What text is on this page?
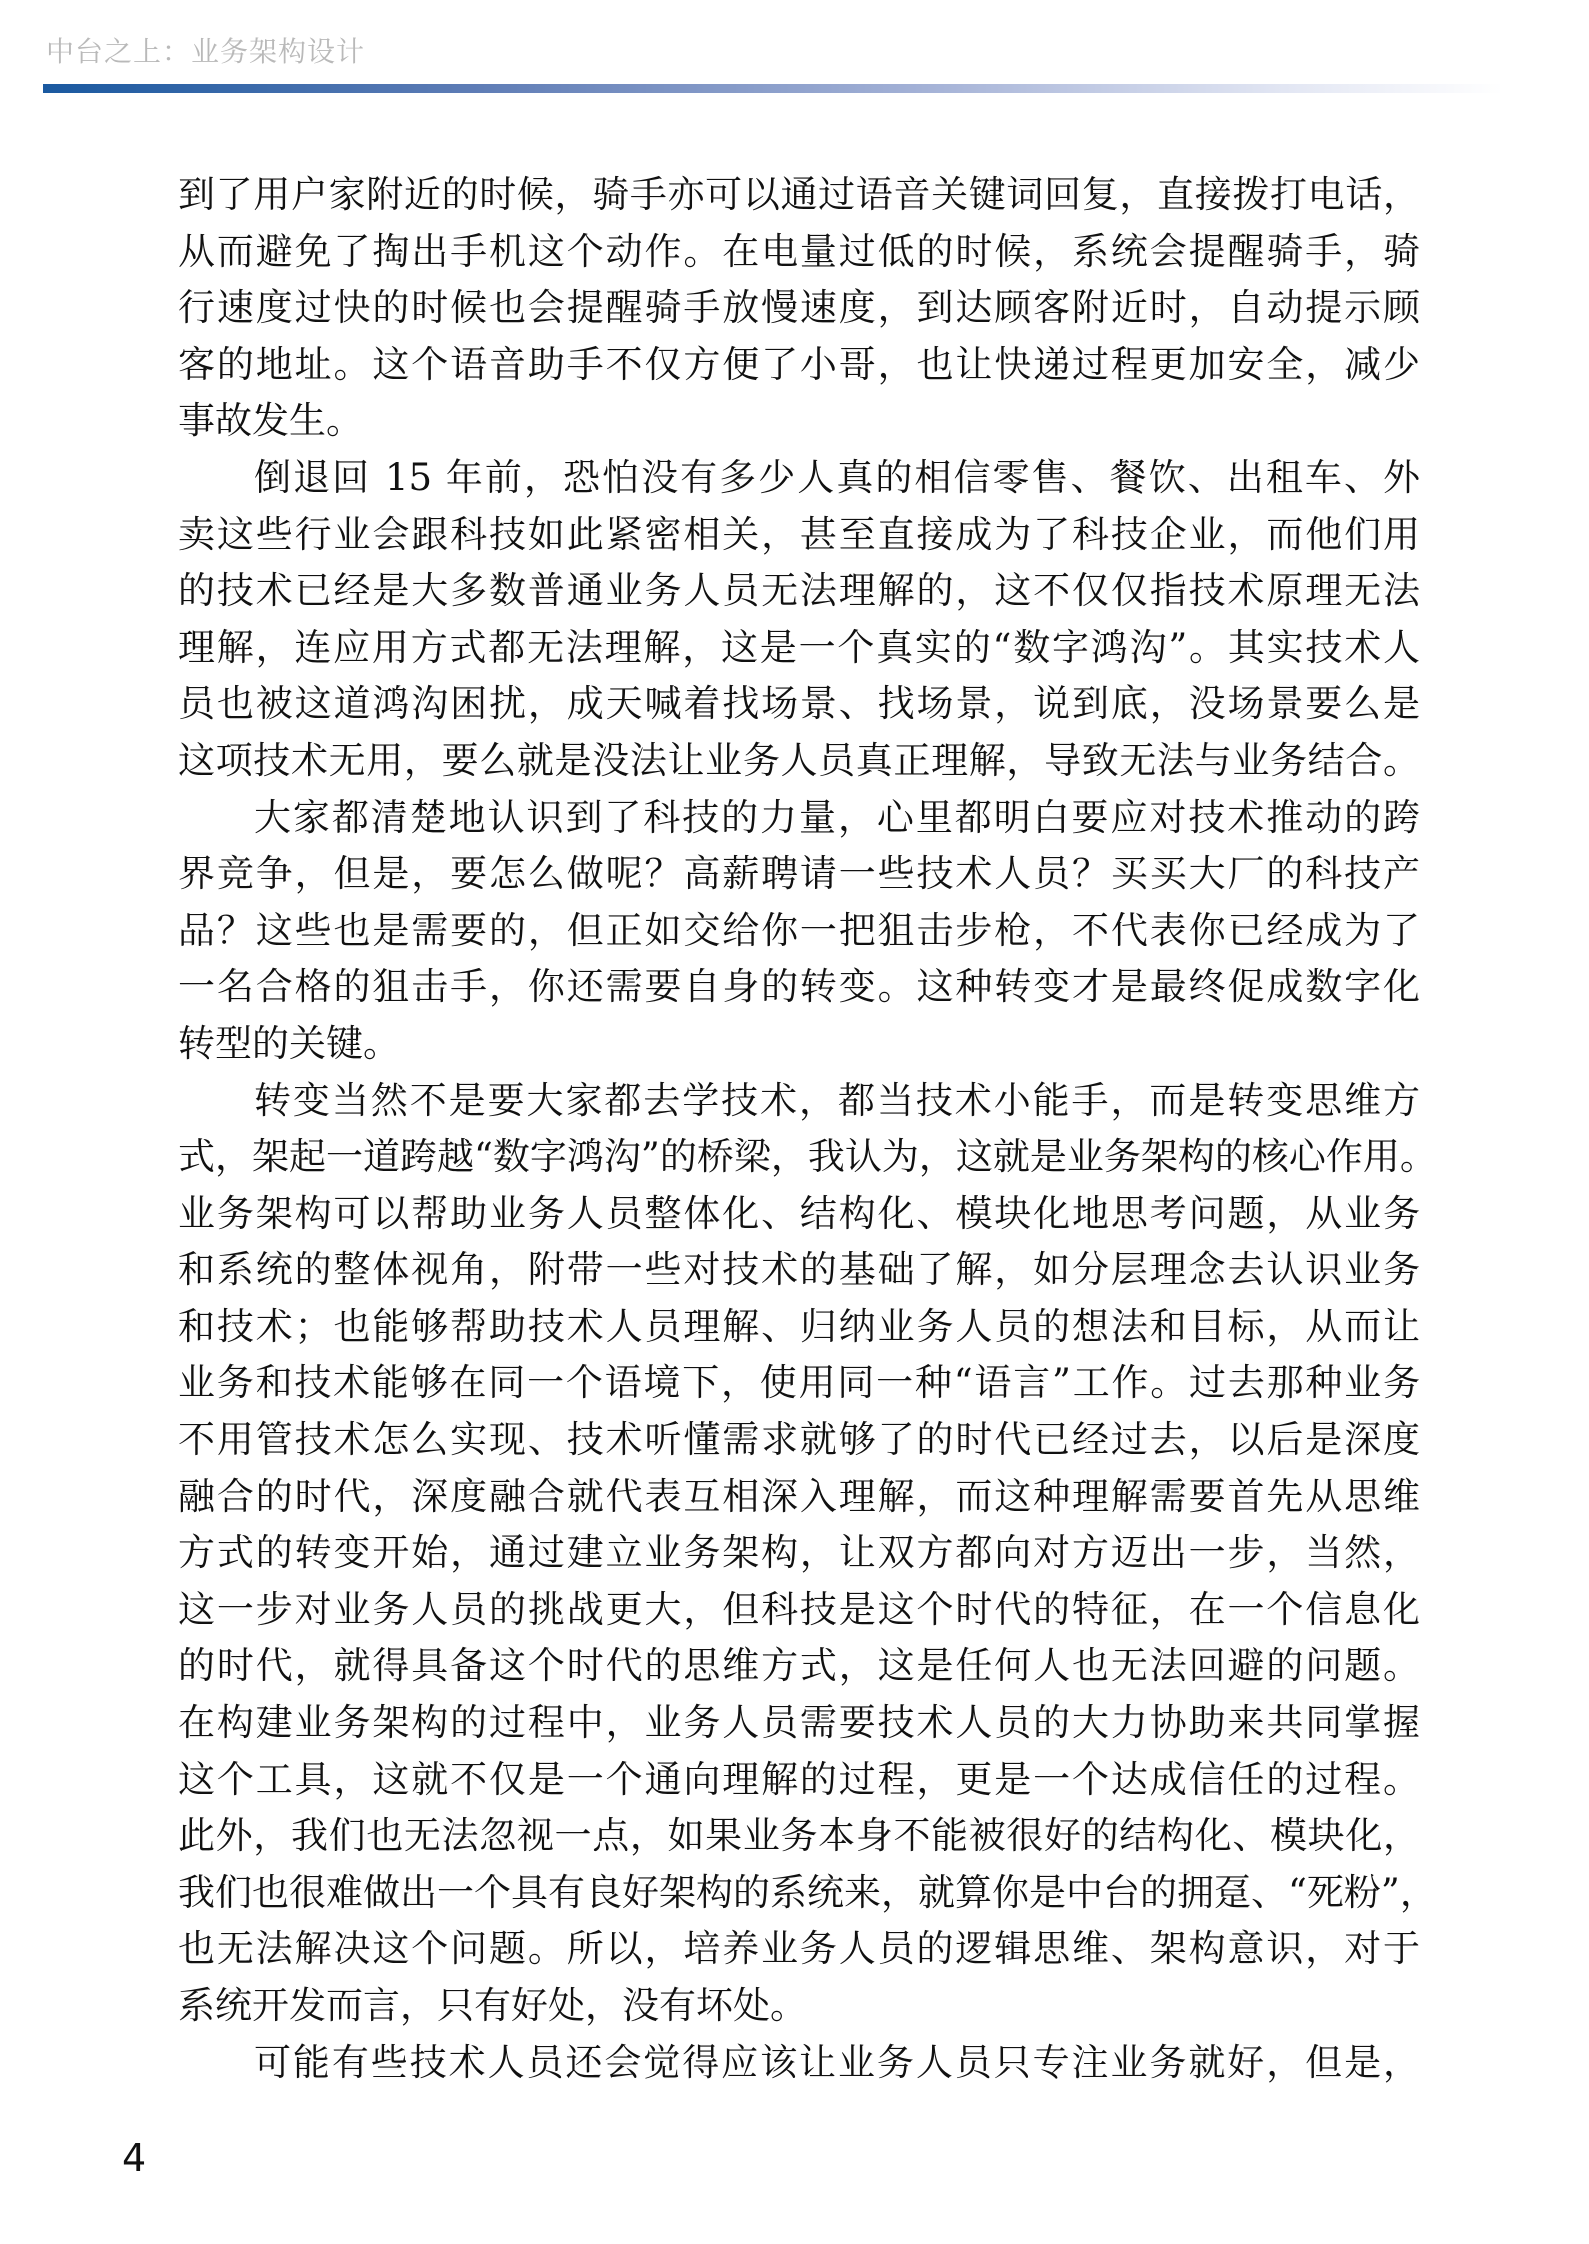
中台之上：业务架构设计
到了用户家附近的时候，骑手亦可以通过语音关键词回复，直接拨打电话，
从而避免了掏出手机这个动作。在电量过低的时候，系统会提醒骑手，骑
行速度过快的时候也会提醒骑手放慢速度，到达顾客附近时，自动提示顾
客的地址。这个语音助手不仅方便了小哥，也让快递过程更加安全，减少
事故发生。
倒退回 15 年前，恐怕没有多少人真的相信零售、餐饮、出租车、外
卖这些行业会跟科技如此紧密相关，甚至直接成为了科技企业，而他们用
的技术已经是大多数普通业务人员无法理解的，这不仅仅指技术原理无法
理解，连应用方式都无法理解，这是一个真实的“数字鸿沟”。其实技术人
员也被这道鸿沟困扰，成天喊着找场景、找场景，说到底，没场景要么是
这项技术无用，要么就是没法让业务人员真正理解，导致无法与业务结合。
大家都清楚地认识到了科技的力量，心里都明白要应对技术推动的跨
界竞争，但是，要怎么做呢？高薪聘请一些技术人员？买买大厂的科技产
品？这些也是需要的，但正如交给你一把狙击步枪，不代表你已经成为了
一名合格的狙击手，你还需要自身的转变。这种转变才是最终促成数字化
转型的关键。
转变当然不是要大家都去学技术，都当技术小能手，而是转变思维方
式，架起一道跨越“数字鸿沟”的桥梁，我认为，这就是业务架构的核心作用。
业务架构可以帮助业务人员整体化、结构化、模块化地思考问题，从业务
和系统的整体视角，附带一些对技术的基础了解，如分层理念去认识业务
和技术；也能够帮助技术人员理解、归纳业务人员的想法和目标，从而让
业务和技术能够在同一个语境下，使用同一种“语言”工作。过去那种业务
不用管技术怎么实现、技术听懂需求就够了的时代已经过去，以后是深度
融合的时代，深度融合就代表互相深入理解，而这种理解需要首先从思维
方式的转变开始，通过建立业务架构，让双方都向对方迈出一步，当然，
这一步对业务人员的挑战更大，但科技是这个时代的特征，在一个信息化
的时代，就得具备这个时代的思维方式，这是任何人也无法回避的问题。
在构建业务架构的过程中，业务人员需要技术人员的大力协助来共同掌握
这个工具，这就不仅是一个通向理解的过程，更是一个达成信任的过程。
此外，我们也无法忽视一点，如果业务本身不能被很好的结构化、模块化，
我们也很难做出一个具有良好架构的系统来，就算你是中台的拥趸、“死粉”，
也无法解决这个问题。所以，培养业务人员的逻辑思维、架构意识，对于
系统开发而言，只有好处，没有坏处。
可能有些技术人员还会觉得应该让业务人员只专注业务就好，但是，
4
